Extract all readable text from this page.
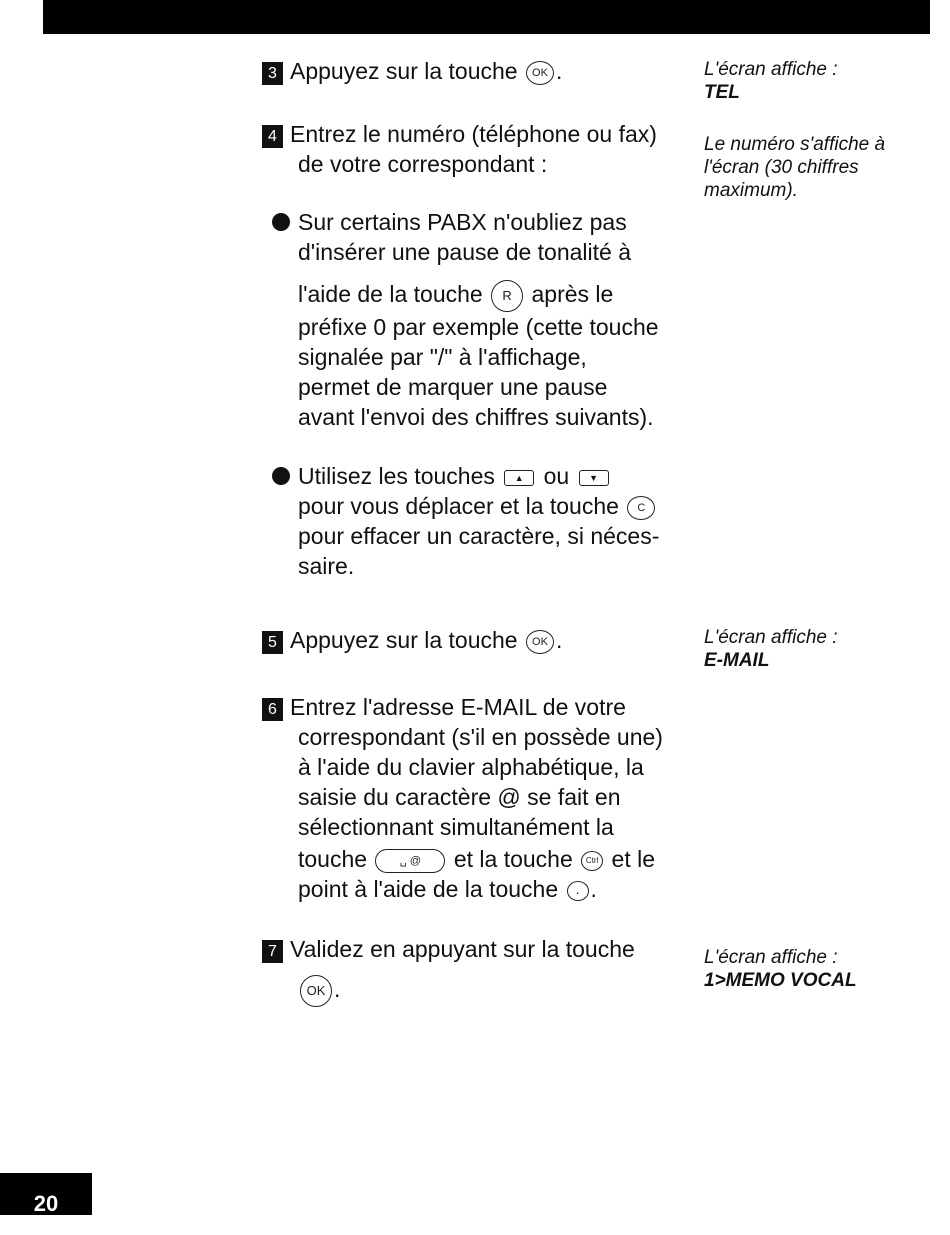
3 Appuyez sur la touche OK .

4 Entrez le numéro (téléphone ou fax)

de votre correspondant :

Sur certains PABX n'oubliez pas

d'insérer une pause de tonalité à

l'aide de la touche R après le

préfixe 0 par exemple (cette touche

signalée par "/" à l'affichage,

permet de marquer une pause

avant l'envoi des chiffres suivants).

Utilisez les touches ▲ ou ▼

pour vous déplacer et la touche C

pour effacer un caractère, si néces-

saire.

5 Appuyez sur la touche OK .

6 Entrez l'adresse E-MAIL de votre

correspondant (s'il en possède une)

à l'aide du clavier alphabétique, la

saisie du caractère @ se fait en

sélectionnant simultanément la

touche	␣ @ et la touche Ctrl et le

point à l'aide de la touche . .

7 Validez en appuyant sur la touche

OK .

L'écran affiche :

TEL

Le numéro s'affiche à

l'écran (30 chiffres

maximum).

L'écran affiche :

E-MAIL

L'écran affiche :

1>MEMO VOCAL

20
